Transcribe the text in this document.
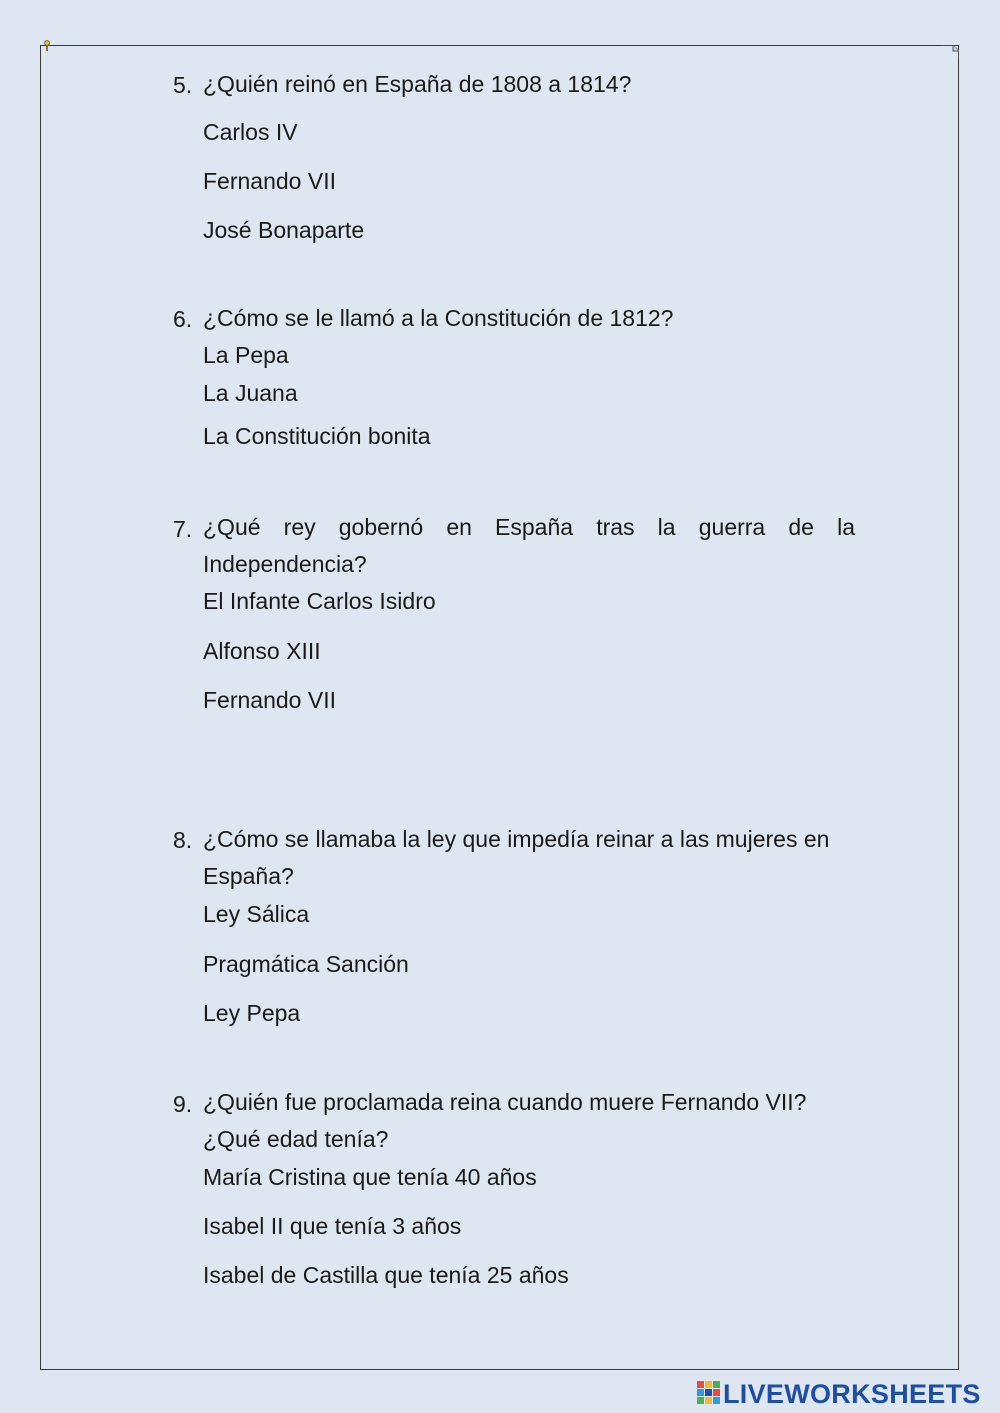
5. ¿Quién reinó en España de 1808 a 1814?
Carlos IV
Fernando VII
José Bonaparte
6. ¿Cómo se le llamó a la Constitución de 1812?
La Pepa
La Juana
La Constitución bonita
7. ¿Qué rey gobernó en España tras la guerra de la Independencia?
El Infante Carlos Isidro
Alfonso XIII
Fernando VII
8. ¿Cómo se llamaba la ley que impedía reinar a las mujeres en España?
Ley Sálica
Pragmática Sanción
Ley Pepa
9. ¿Quién fue proclamada reina cuando muere Fernando VII? ¿Qué edad tenía?
María Cristina que tenía 40 años
Isabel II que tenía 3 años
Isabel de Castilla que tenía 25 años
LIVEWORKSHEETS
